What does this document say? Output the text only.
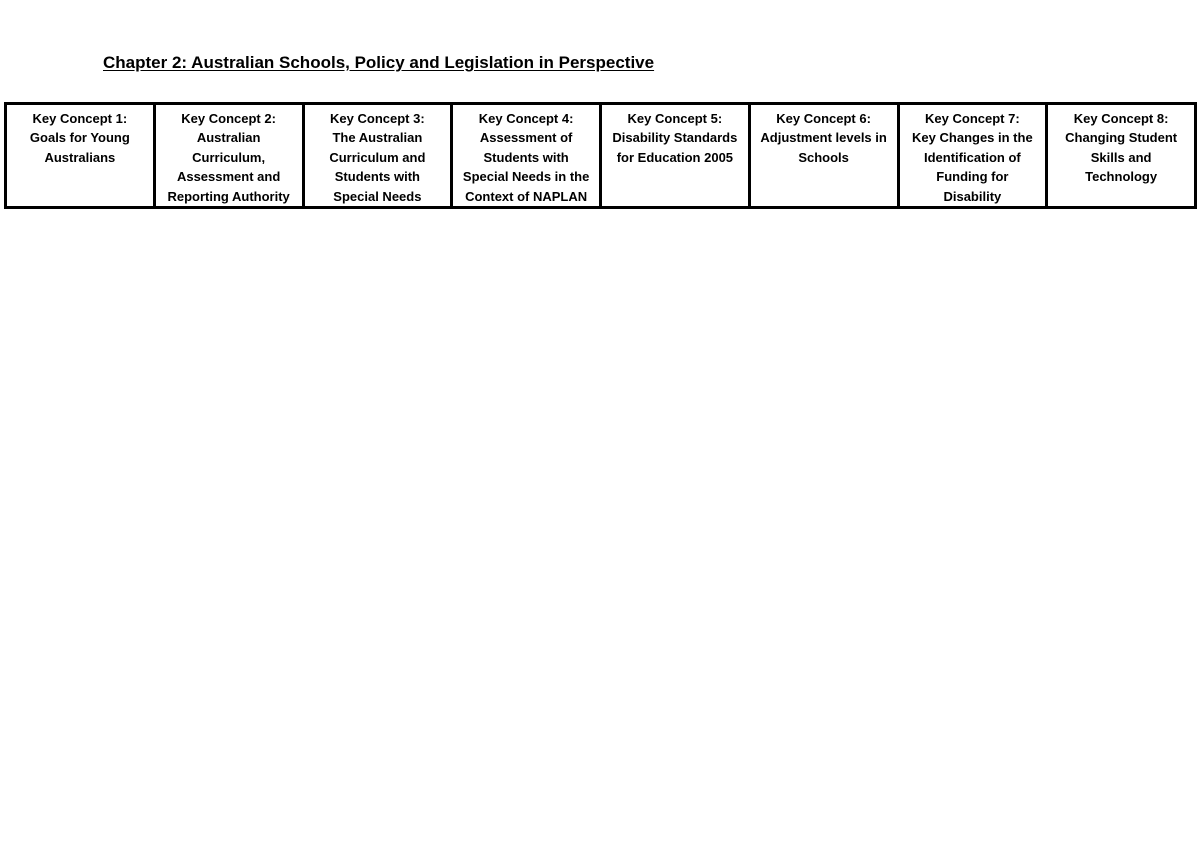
Chapter 2: Australian Schools, Policy and Legislation in Perspective
Key Concept 1:
Goals for Young
Australians

Key Concept 2:
Australian
Curriculum,
Assessment and
Reporting Authority

Key Concept 3:
The Australian
Curriculum and
Students with
Special Needs

Key Concept 4:
Assessment of
Students with
Special Needs in the
Context of NAPLAN

Key Concept 5:
Disability Standards
for Education 2005

Key Concept 6:
Adjustment levels in
Schools

Key Concept 7:
Key Changes in the
Identification of
Funding for
Disability

Key Concept 8:
Changing Student
Skills and
Technology
